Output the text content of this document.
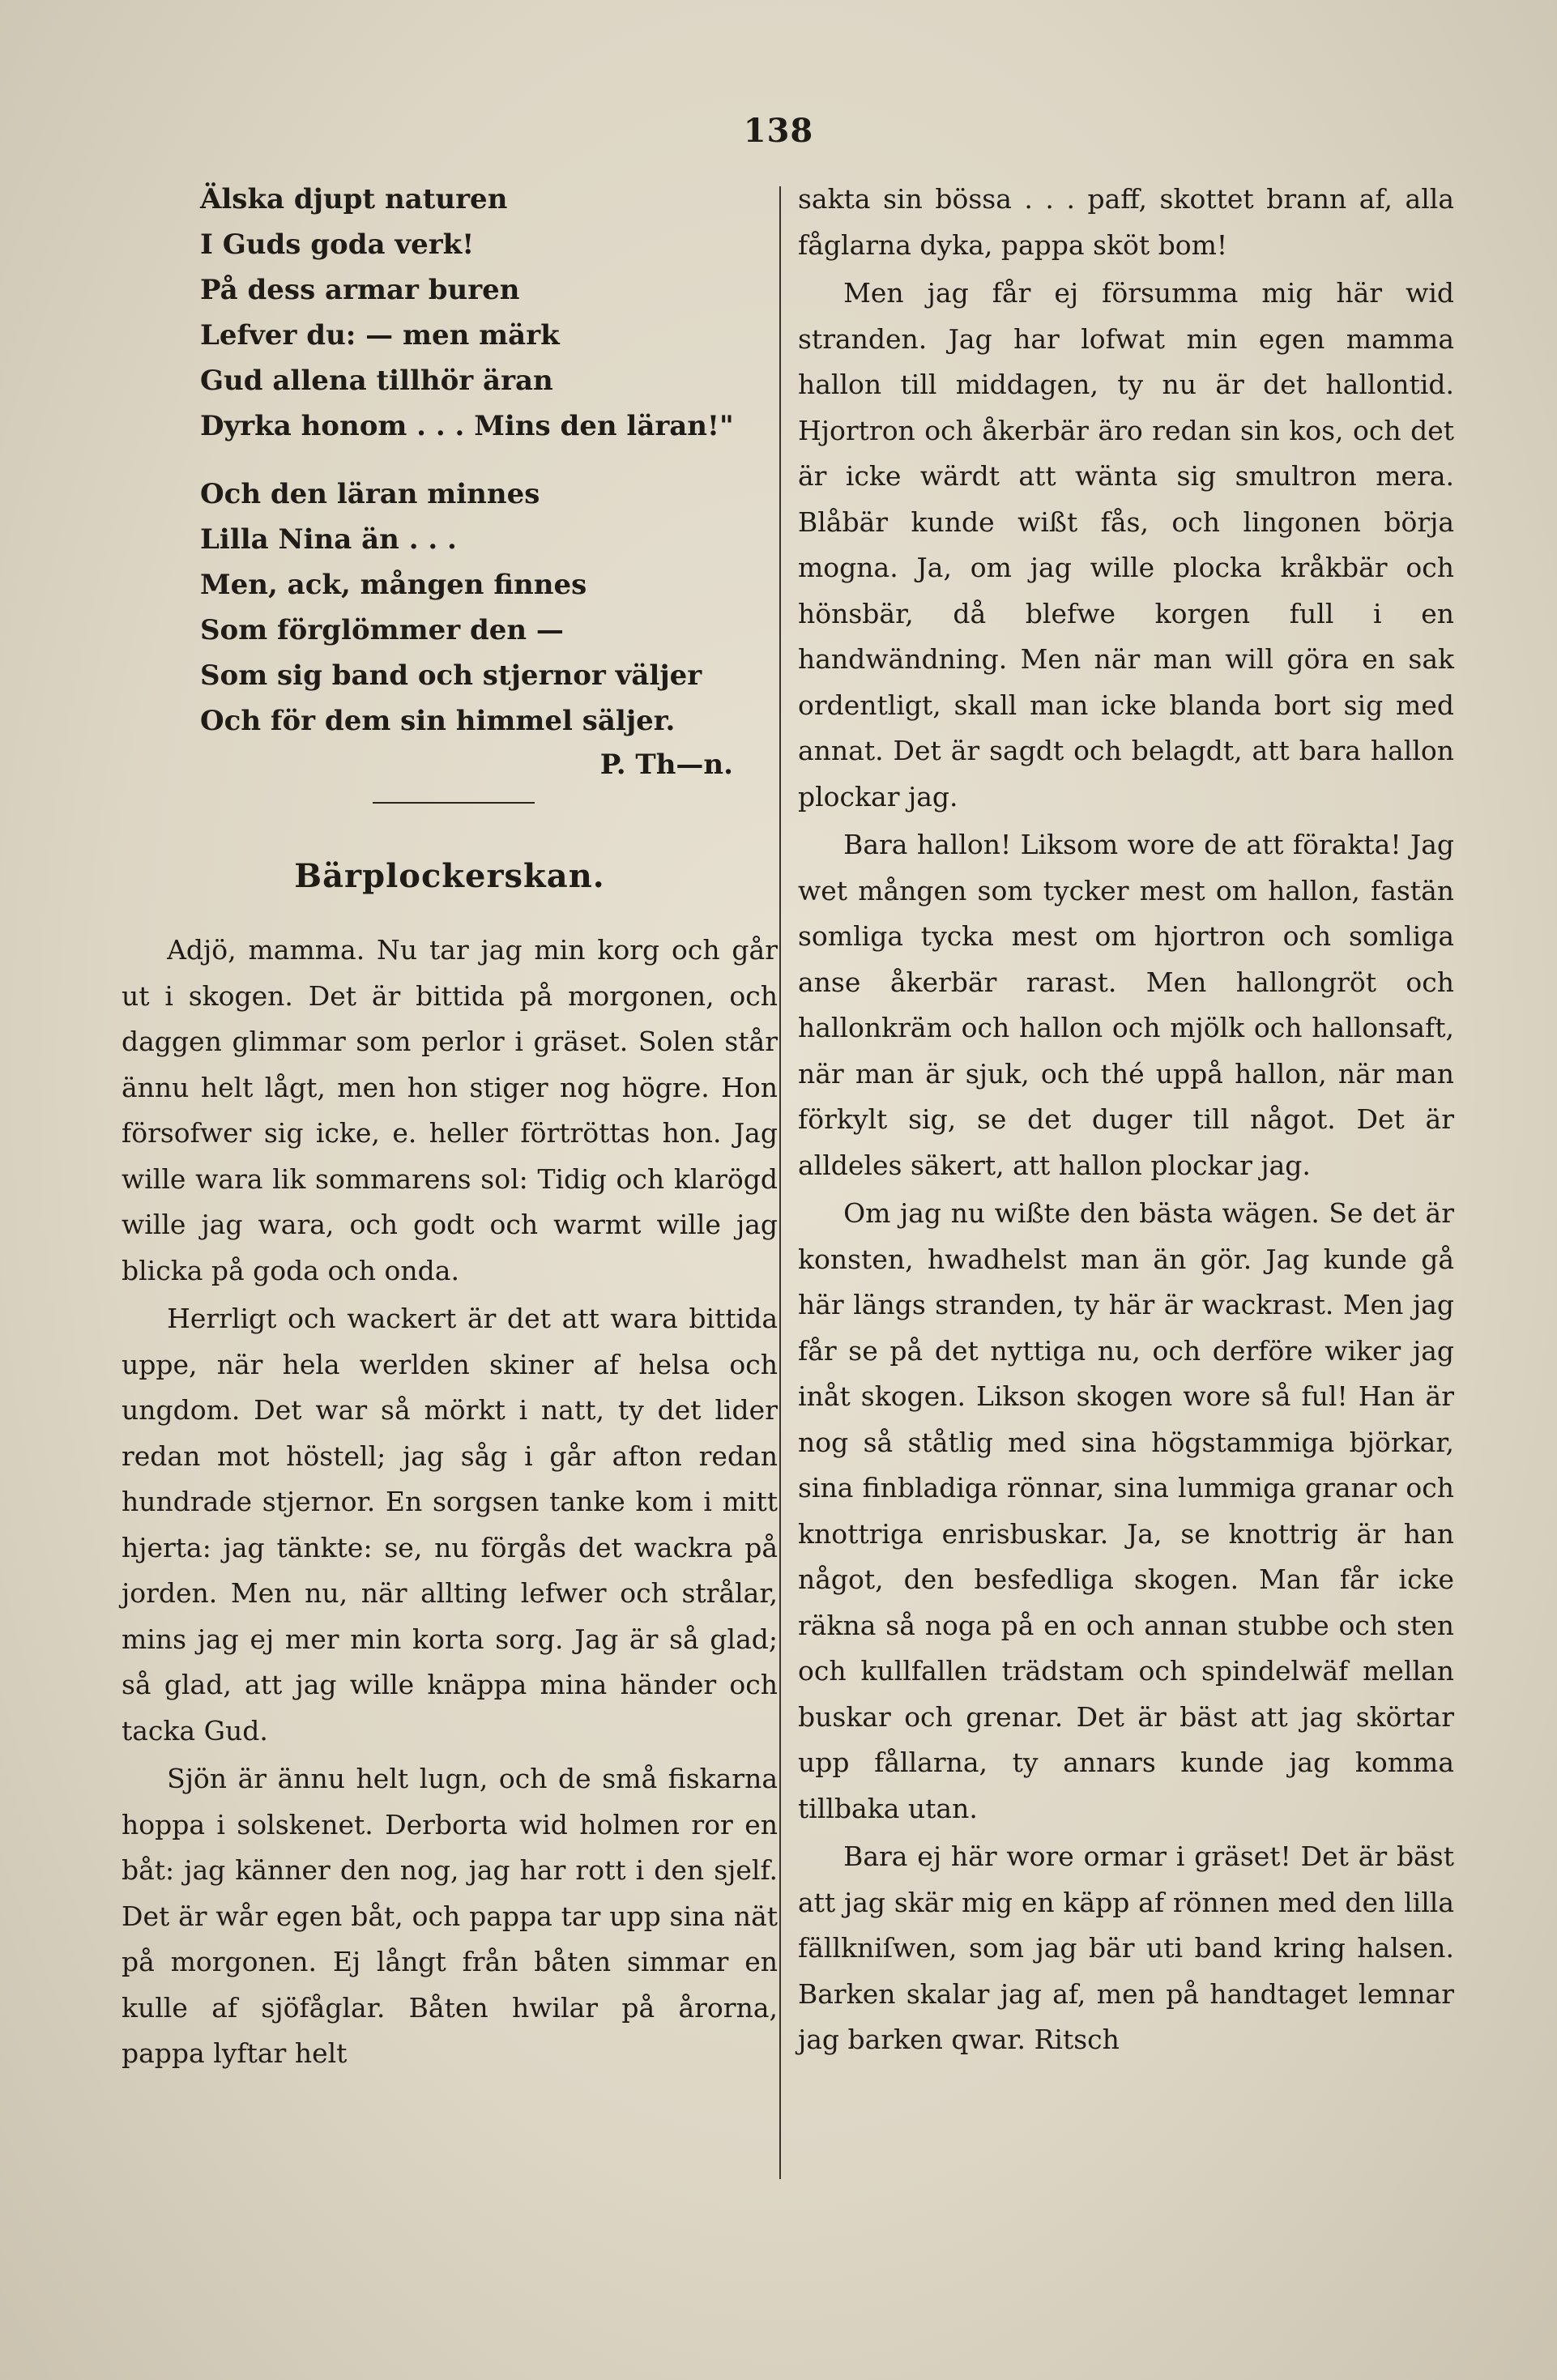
138
Älska djupt naturen
I Guds goda verk!
På dess armar buren
Lefver du: — men märk
Gud allena tillhör äran
Dyrka honom . . . Mins den läran!"
Och den läran minnes
Lilla Nina än . . .
Men, ack, mången finnes
Som förglömmer den —
Som sig band och stjernor väljer
Och för dem sin himmel säljer.
P. Th—n.
Bärplockerskan.

Adjö, mamma. Nu tar jag min korg och går ut i skogen. Det är bittida på morgonen, och daggen glimmar som perlor i gräset. Solen står ännu helt lågt, men hon stiger nog högre. Hon försofwer sig icke, e. heller förtröttas hon. Jag wille wara lik sommarens sol: Tidig och klarögd wille jag wara, och godt och warmt wille jag blicka på goda och onda.

Herrligt och wackert är det att wara bittida uppe, när hela werlden skiner af helsa och ungdom. Det war så mörkt i natt, ty det lider redan mot höstell; jag såg i går afton redan hundrade stjernor. En sorgsen tanke kom i mitt hjerta: jag tänkte: se, nu förgås det wackra på jorden. Men nu, när allting lefwer och strålar, mins jag ej mer min korta sorg. Jag är så glad; så glad, att jag wille knäppa mina händer och tacka Gud.

Sjön är ännu helt lugn, och de små fiskarna hoppa i solskenet. Derborta wid holmen ror en båt: jag känner den nog, jag har rott i den sjelf. Det är wår egen båt, och pappa tar upp sina nät på morgonen. Ej långt från båten simmar en kulle af sjöfåglar. Båten hwilar på årorna, pappa lyftar helt

sakta sin bössa . . . paff, skottet brann af, alla fåglarna dyka, pappa sköt bom!

Men jag får ej försumma mig här wid stranden. Jag har lofwat min egen mamma hallon till middagen, ty nu är det hallontid. Hjortron och åkerbär äro redan sin kos, och det är icke wärdt att wänta sig smultron mera. Blåbär kunde wißt fås, och lingonen börja mogna. Ja, om jag wille plocka kråkbär och hönsbär, då blefwe korgen full i en handwändning. Men när man will göra en sak ordentligt, skall man icke blanda bort sig med annat. Det är sagdt och belagdt, att bara hallon plockar jag.

Bara hallon! Liksom wore de att förakta! Jag wet mången som tycker mest om hallon, fastän somliga tycka mest om hjortron och somliga anse åkerbär rarast. Men hallongröt och hallonkräm och hallon och mjölk och hallonsaft, när man är sjuk, och thé uppå hallon, när man förkylt sig, se det duger till något. Det är alldeles säkert, att hallon plockar jag.

Om jag nu wißte den bästa wägen. Se det är konsten, hwadhelst man än gör. Jag kunde gå här längs stranden, ty här är wackrast. Men jag får se på det nyttiga nu, och derföre wiker jag inåt skogen. Likson skogen wore så ful! Han är nog så ståtlig med sina högstammiga björkar, sina finbladiga rönnar, sina lummiga granar och knottriga enrisbuskar. Ja, se knottrig är han något, den besfedliga skogen. Man får icke räkna så noga på en och annan stubbe och sten och kullfallen trädstam och spindelwäf mellan buskar och grenar. Det är bäst att jag skörtar upp fållarna, ty annars kunde jag komma tillbaka utan.

Bara ej här wore ormar i gräset! Det är bäst att jag skär mig en käpp af rönnen med den lilla fällkniſwen, som jag bär uti band kring halsen. Barken skalar jag af, men på handtaget lemnar jag barken qwar. Ritsch
